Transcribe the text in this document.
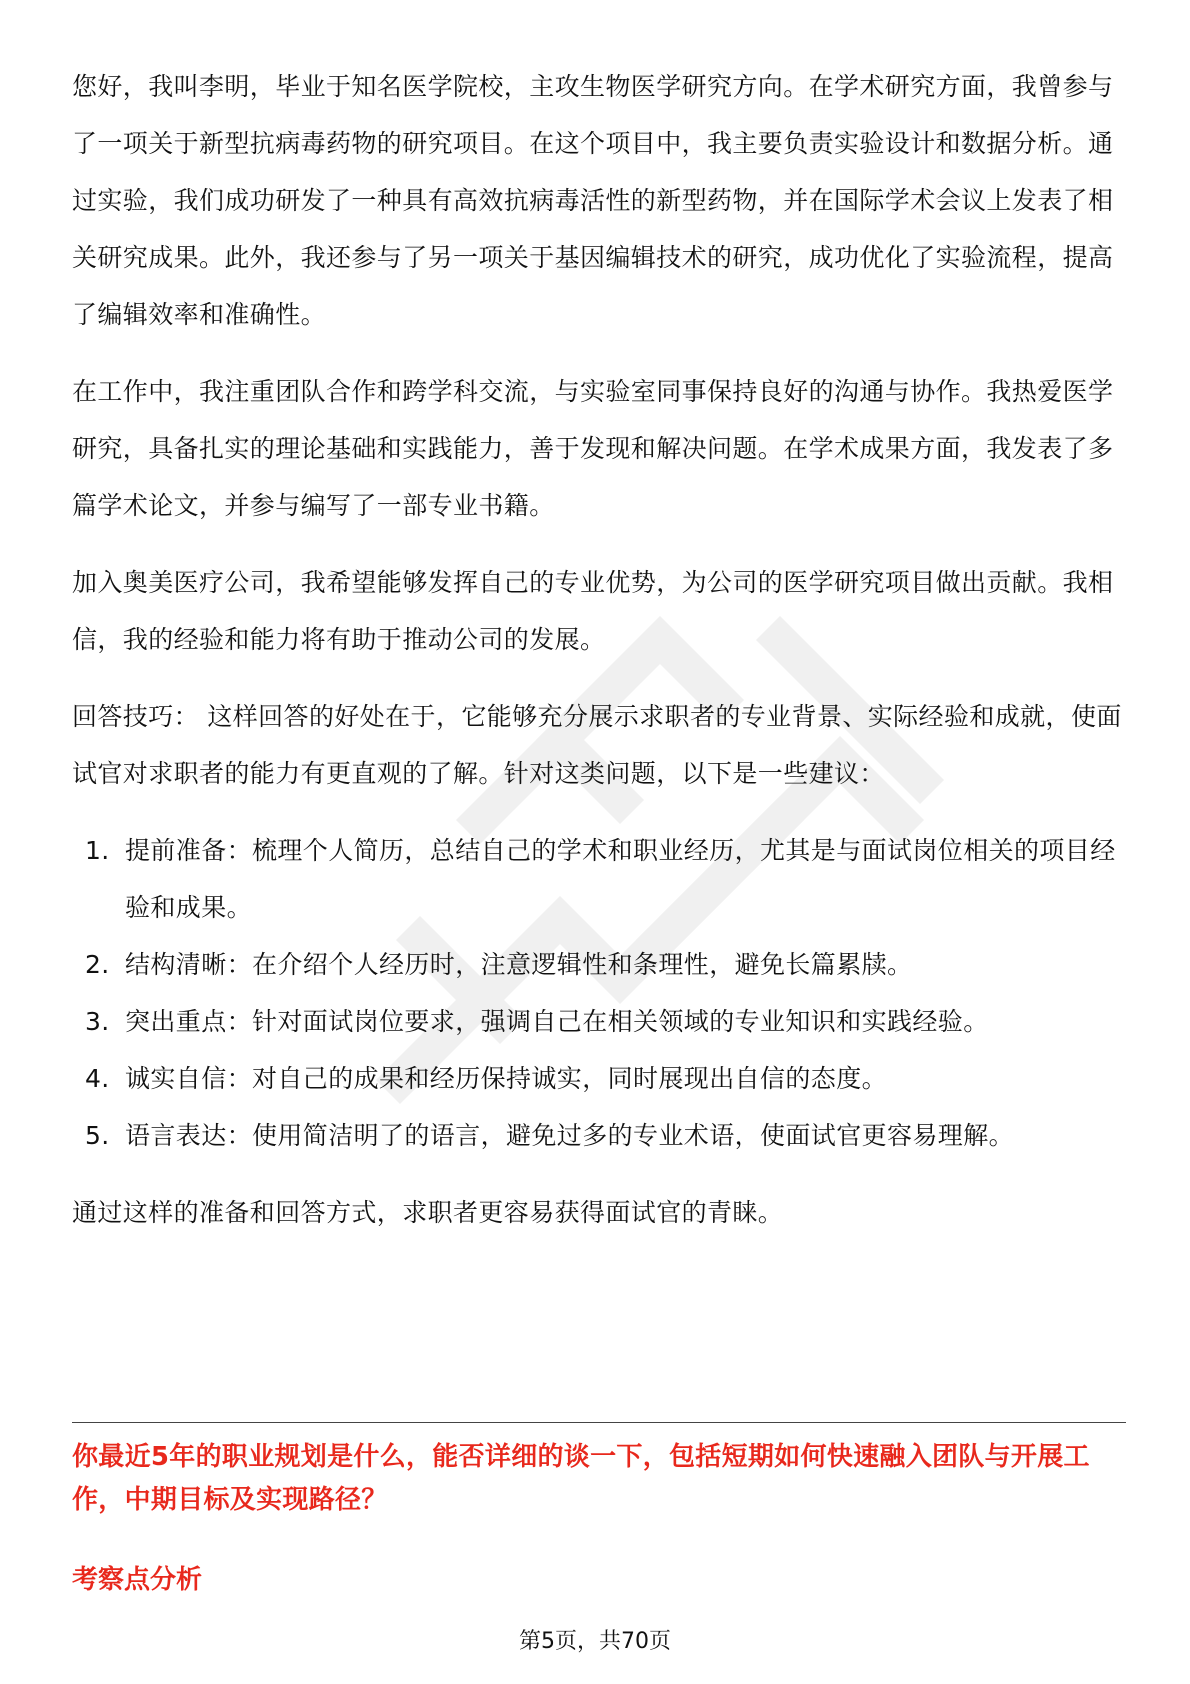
您好，我叫李明，毕业于知名医学院校，主攻生物医学研究方向。在学术研究方面，我曾参与了一项关于新型抗病毒药物的研究项目。在这个项目中，我主要负责实验设计和数据分析。通过实验，我们成功研发了一种具有高效抗病毒活性的新型药物，并在国际学术会议上发表了相关研究成果。此外，我还参与了另一项关于基因编辑技术的研究，成功优化了实验流程，提高了编辑效率和准确性。

在工作中，我注重团队合作和跨学科交流，与实验室同事保持良好的沟通与协作。我热爱医学研究，具备扎实的理论基础和实践能力，善于发现和解决问题。在学术成果方面，我发表了多篇学术论文，并参与编写了一部专业书籍。

加入奥美医疗公司，我希望能够发挥自己的专业优势，为公司的医学研究项目做出贡献。我相信，我的经验和能力将有助于推动公司的发展。

回答技巧： 这样回答的好处在于，它能够充分展示求职者的专业背景、实际经验和成就，使面试官对求职者的能力有更直观的了解。针对这类问题，以下是一些建议：

1. 提前准备：梳理个人简历，总结自己的学术和职业经历，尤其是与面试岗位相关的项目经验和成果。
2. 结构清晰：在介绍个人经历时，注意逻辑性和条理性，避免长篇累牍。
3. 突出重点：针对面试岗位要求，强调自己在相关领域的专业知识和实践经验。
4. 诚实自信：对自己的成果和经历保持诚实，同时展现出自信的态度。
5. 语言表达：使用简洁明了的语言，避免过多的专业术语，使面试官更容易理解。

通过这样的准备和回答方式，求职者更容易获得面试官的青睐。

你最近5年的职业规划是什么，能否详细的谈一下，包括短期如何快速融入团队与开展工作，中期目标及实现路径？
考察点分析
第5页，共70页
